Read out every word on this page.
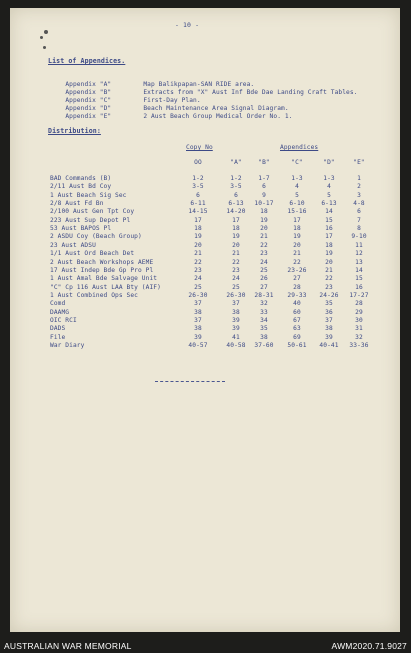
- 10 -
List of Appendices.

Appendix "A"	Map Balikpapan-SAN RIDE area.

Appendix "B"	Extracts from "X" Aust Inf Bde Dae Landing Craft Tables.

Appendix "C"	First-Day Plan.

Appendix "D"	Beach Maintenance Area Signal Diagram.

Appendix "E"	2 Aust Beach Group Medical Order No. 1.

Distribution:
Copy No	Appendices
OO	"A"	"B"	"C"	"D"	"E"
BAD Commands (B)	1-2	1-2	1-7	1-3	1-3	1
2/11 Aust Bd Coy	3-5	3-5	6	4	4	2
1 Aust Beach Sig Sec	6	6	9	5	5	3
2/8 Aust Fd Bn	6-11	6-13	10-17	6-10	6-13	4-8
2/100 Aust Gen Tpt Coy	14-15	14-20	18	15-16	14	6
223 Aust Sup Depot Pl	17	17	19	17	15	7
53 Aust BAPOS Pl	18	18	20	18	16	8
2 ASDU Coy (Beach Group)	19	19	21	19	17	9-10
23 Aust ADSU	20	20	22	20	18	11
1/1 Aust Ord Beach Det	21	21	23	21	19	12
2 Aust Beach Workshops AEME	22	22	24	22	20	13
17 Aust Indep Bde Gp Pro Pl	23	23	25	23-26	21	14
1 Aust Amal Bde Salvage Unit	24	24	26	27	22	15
"C" Cp 116 Aust LAA Bty (AIF)	25	25	27	28	23	16
1 Aust Combined Ops Sec	26-30	26-30	28-31	29-33	24-26	17-27
Comd	37	37	32	40	35	28
DAAMG	38	38	33	60	36	29
OIC RCI	37	39	34	67	37	30
DADS	38	39	35	63	38	31
File	39	41	38	69	39	32
War Diary	40-57	40-58	37-60	50-61	40-41	33-36
AUSTRALIAN WAR MEMORIAL	AWM2020.71.9027
